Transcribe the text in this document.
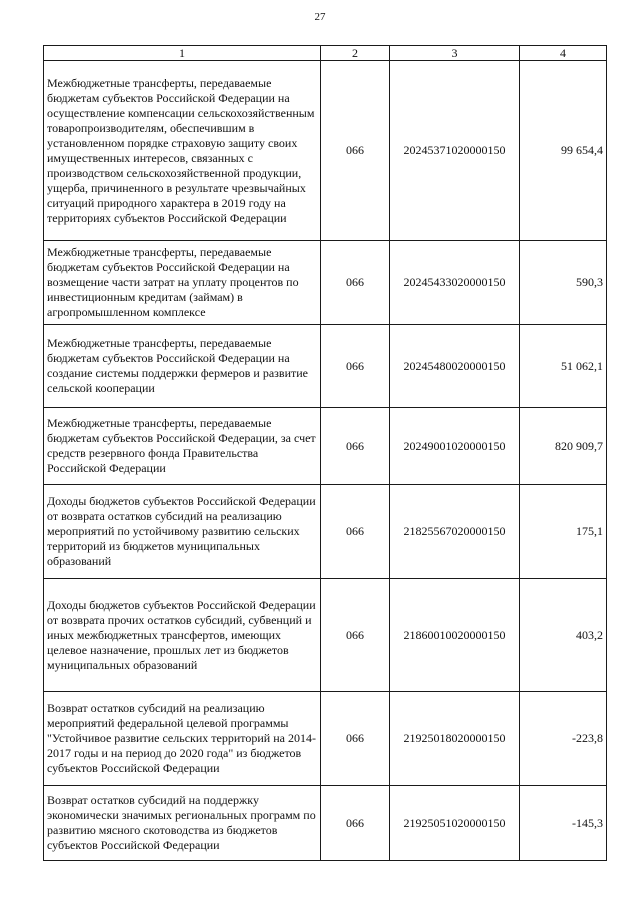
27
1	2	3	4
Межбюджетные трансферты, передаваемые бюджетам субъектов Российской Федерации на осуществление компенсации сельскохозяйственным товаропроизводителям, обеспечившим в установленном порядке страховую защиту своих имущественных интересов, связанных с производством сельскохозяйственной продукции, ущерба, причиненного в результате чрезвычайных ситуаций природного характера в 2019 году на территориях субъектов Российской Федерации	066	20245371020000150	99 654,4
Межбюджетные трансферты, передаваемые бюджетам субъектов Российской Федерации на возмещение части затрат на уплату процентов по инвестиционным кредитам (займам) в агропромышленном комплексе	066	20245433020000150	590,3
Межбюджетные трансферты, передаваемые бюджетам субъектов Российской Федерации на создание системы поддержки фермеров и развитие сельской кооперации	066	20245480020000150	51 062,1
Межбюджетные трансферты, передаваемые бюджетам субъектов Российской Федерации, за счет средств резервного фонда Правительства Российской Федерации	066	20249001020000150	820 909,7
Доходы бюджетов субъектов Российской Федерации от возврата остатков субсидий на реализацию мероприятий по устойчивому развитию сельских территорий из бюджетов муниципальных образований	066	21825567020000150	175,1
Доходы бюджетов субъектов Российской Федерации от возврата прочих остатков субсидий, субвенций и иных межбюджетных трансфертов, имеющих целевое назначение, прошлых лет из бюджетов муниципальных образований	066	21860010020000150	403,2
Возврат остатков субсидий на реализацию мероприятий федеральной целевой программы "Устойчивое развитие сельских территорий на 2014-2017 годы и на период до 2020 года" из бюджетов субъектов Российской Федерации	066	21925018020000150	-223,8
Возврат остатков субсидий на поддержку экономически значимых региональных программ по развитию мясного скотоводства из бюджетов субъектов Российской Федерации	066	21925051020000150	-145,3
